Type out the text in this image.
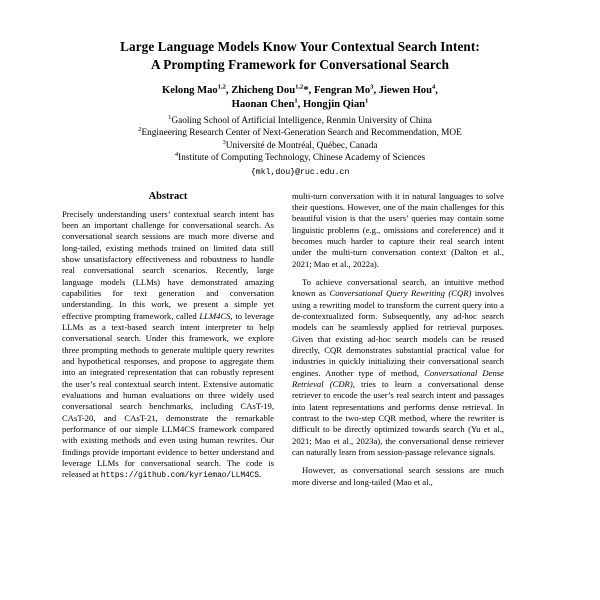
Large Language Models Know Your Contextual Search Intent:
A Prompting Framework for Conversational Search
Kelong Mao$^{1,2}$, Zhicheng Dou$^{1,2}$*, Fengran Mo$^3$, Jiewen Hou$^4$,
Haonan Chen$^1$, Hongjin Qian$^1$
$^1$Gaoling School of Artificial Intelligence, Renmin University of China
$^2$Engineering Research Center of Next-Generation Search and Recommendation, MOE
$^3$Université de Montréal, Québec, Canada
$^4$Institute of Computing Technology, Chinese Academy of Sciences
{mkl,dou}@ruc.edu.cn
Abstract

Precisely understanding users’ contextual search intent has been an important challenge for conversational search. As conversational search sessions are much more diverse and long-tailed, existing methods trained on limited data still show unsatisfactory effectiveness and robustness to handle real conversational search scenarios. Recently, large language models (LLMs) have demonstrated amazing capabilities for text generation and conversation understanding. In this work, we present a simple yet effective prompting framework, called LLM4CS, to leverage LLMs as a text-based search intent interpreter to help conversational search. Under this framework, we explore three prompting methods to generate multiple query rewrites and hypothetical responses, and propose to aggregate them into an integrated representation that can robustly represent the user’s real contextual search intent. Extensive automatic evaluations and human evaluations on three widely used conversational search benchmarks, including CAsT-19, CAsT-20, and CAsT-21, demonstrate the remarkable performance of our simple LLM4CS framework compared with existing methods and even using human rewrites. Our findings provide important evidence to better understand and leverage LLMs for conversational search. The code is released at https://github.com/kyriemao/LLM4CS.

multi-turn conversation with it in natural languages to solve their questions. However, one of the main challenges for this beautiful vision is that the users’ queries may contain some linguistic problems (e.g., omissions and coreference) and it becomes much harder to capture their real search intent under the multi-turn conversation context (Dalton et al., 2021; Mao et al., 2022a).

To achieve conversational search, an intuitive method known as Conversational Query Rewriting (CQR) involves using a rewriting model to transform the current query into a de-contextualized form. Subsequently, any ad-hoc search models can be seamlessly applied for retrieval purposes. Given that existing ad-hoc search models can be reused directly, CQR demonstrates substantial practical value for industries in quickly initializing their conversational search engines. Another type of method, Conversational Dense Retrieval (CDR), tries to learn a conversational dense retriever to encode the user’s real search intent and passages into latent representations and performs dense retrieval. In contrast to the two-step CQR method, where the rewriter is difficult to be directly optimized towards search (Yu et al., 2021; Mao et al., 2023a), the conversational dense retriever can naturally learn from session-passage relevance signals.

However, as conversational search sessions are much more diverse and long-tailed (Mao et al.,
